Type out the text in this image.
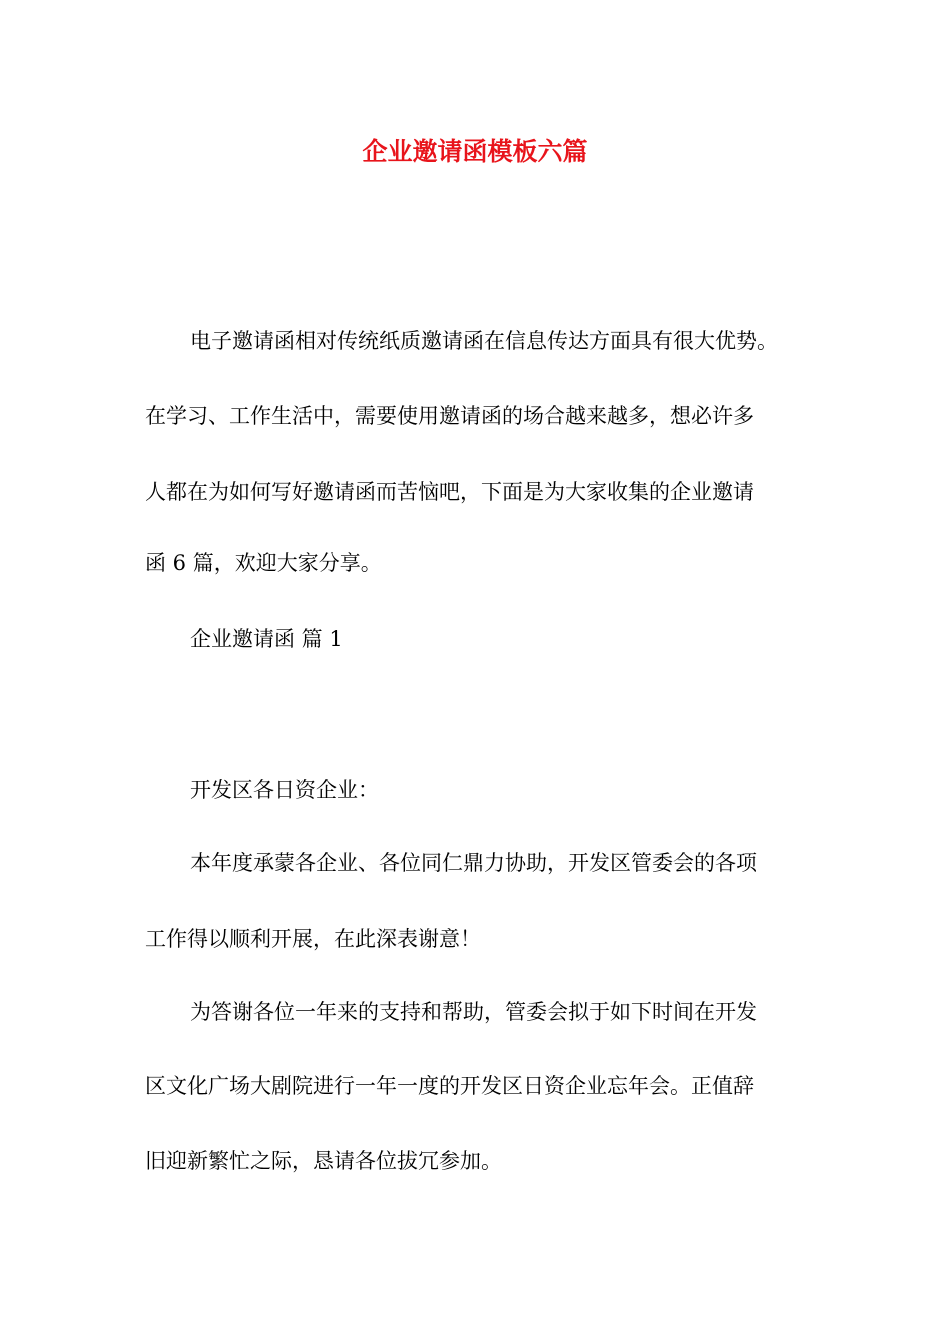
企业邀请函模板六篇
电子邀请函相对传统纸质邀请函在信息传达方面具有很大优势。
在学习、工作生活中，需要使用邀请函的场合越来越多，想必许多
人都在为如何写好邀请函而苦恼吧，下面是为大家收集的企业邀请
函 6 篇，欢迎大家分享。
企业邀请函 篇 1
开发区各日资企业：
本年度承蒙各企业、各位同仁鼎力协助，开发区管委会的各项
工作得以顺利开展，在此深表谢意！
为答谢各位一年来的支持和帮助，管委会拟于如下时间在开发
区文化广场大剧院进行一年一度的开发区日资企业忘年会。正值辞
旧迎新繁忙之际，恳请各位拔冗参加。
